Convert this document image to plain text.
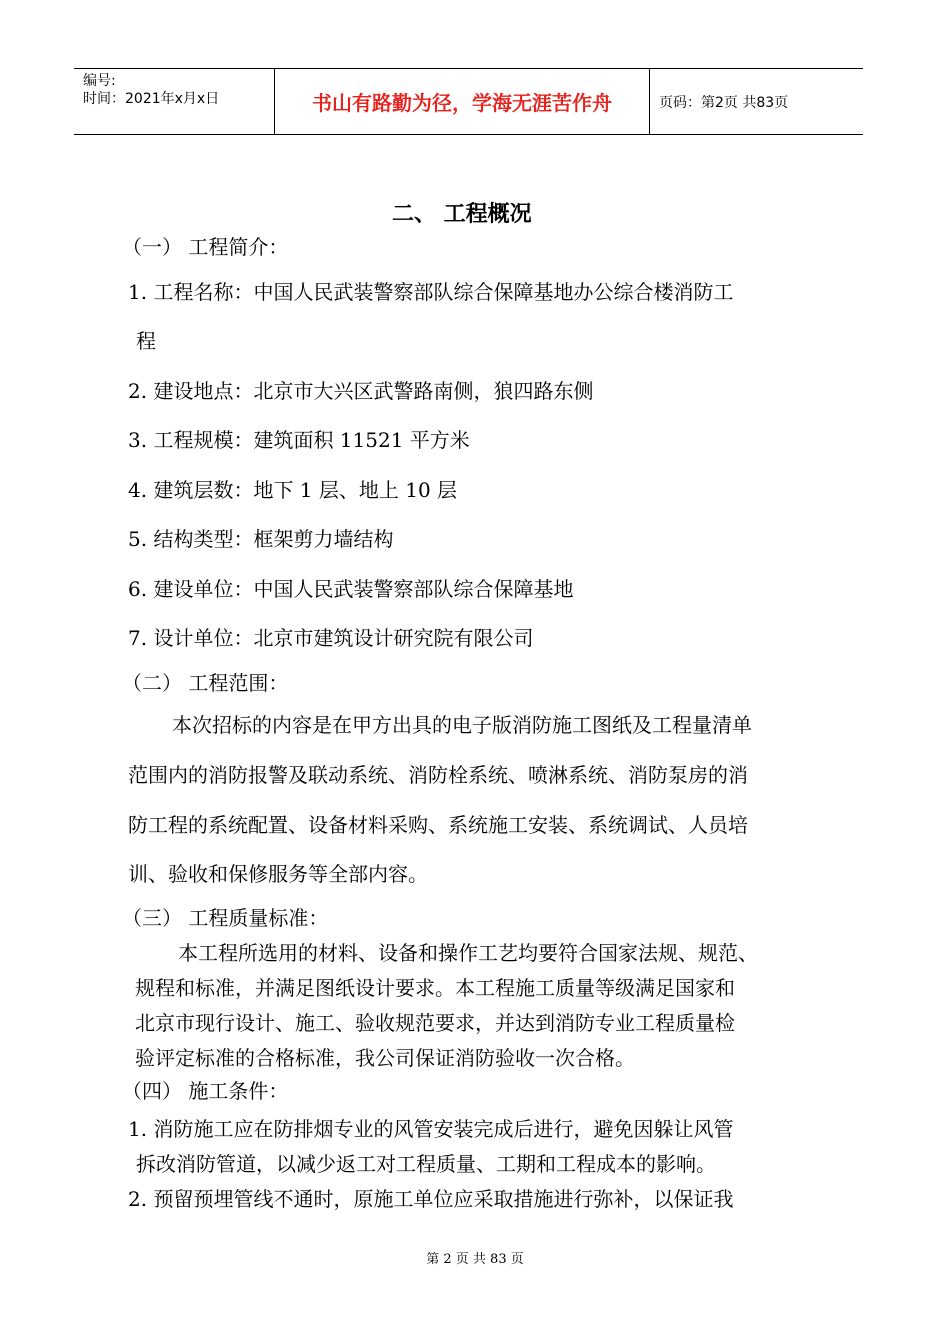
编号:
时间：2021年x月x日	书山有路勤为径，学海无涯苦作舟	页码：第2页 共83页
二、 工程概况
（一） 工程简介：
1. 工程名称：中国人民武装警察部队综合保障基地办公综合楼消防工
程
2. 建设地点：北京市大兴区武警路南侧，狼四路东侧
3. 工程规模：建筑面积 11521 平方米
4. 建筑层数：地下 1 层、地上 10 层
5. 结构类型：框架剪力墙结构
6. 建设单位：中国人民武装警察部队综合保障基地
7. 设计单位：北京市建筑设计研究院有限公司
（二） 工程范围：
本次招标的内容是在甲方出具的电子版消防施工图纸及工程量清单
范围内的消防报警及联动系统、消防栓系统、喷淋系统、消防泵房的消
防工程的系统配置、设备材料采购、系统施工安装、系统调试、人员培
训、验收和保修服务等全部内容。
（三） 工程质量标准：
本工程所选用的材料、设备和操作工艺均要符合国家法规、规范、
规程和标准，并满足图纸设计要求。本工程施工质量等级满足国家和
北京市现行设计、施工、验收规范要求，并达到消防专业工程质量检
验评定标准的合格标准，我公司保证消防验收一次合格。
（四） 施工条件：
1. 消防施工应在防排烟专业的风管安装完成后进行，避免因躲让风管
拆改消防管道，以减少返工对工程质量、工期和工程成本的影响。
2. 预留预埋管线不通时，原施工单位应采取措施进行弥补，以保证我
第 2 页 共 83 页
